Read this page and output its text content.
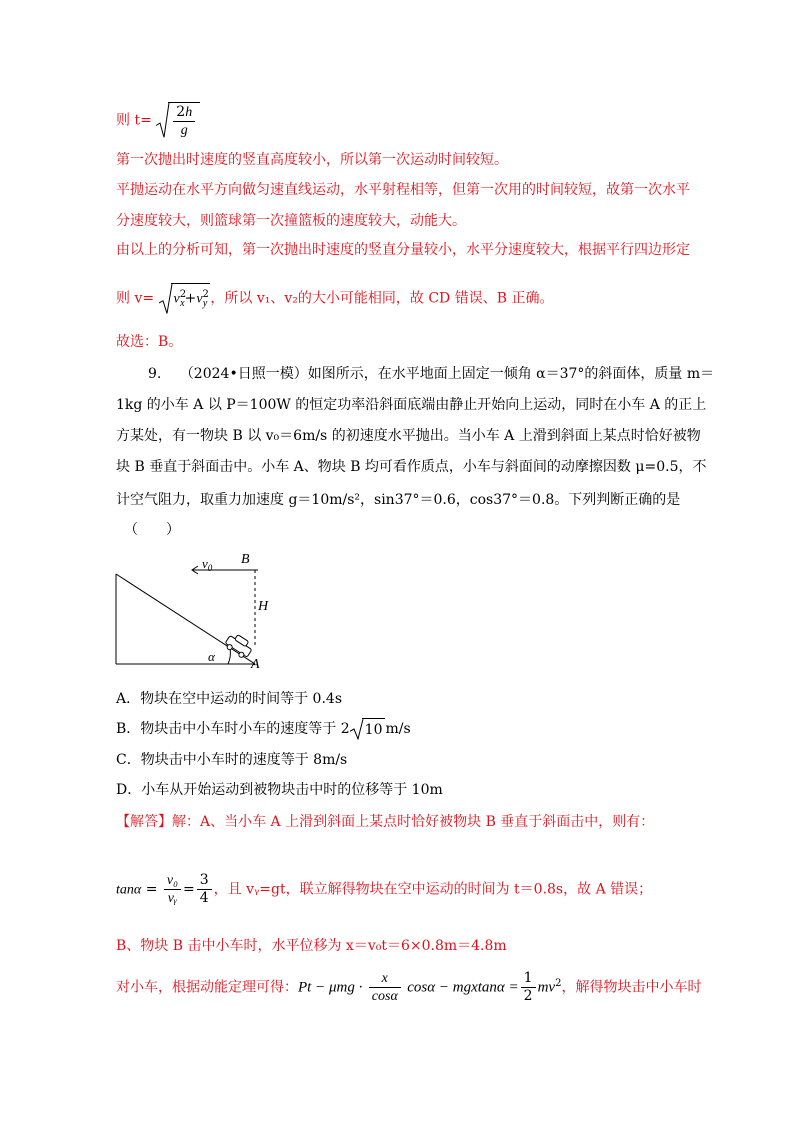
则 $t= \frac{2h}{g}$
第一次抛出时速度的竖直高度较小，所以第一次运动时间较短。
平抛运动在水平方向做匀速直线运动，水平射程相等，但第一次用的时间较短，故第一次水平
分速度较大，则篮球第一次撞篮板的速度较大，动能大。
由以上的分析可知，第一次抛出时速度的竖直分量较小，水平分速度较大，根据平行四边形定
则 $v= v^2_x+v^2_y$ ，所以 v₁、v₂的大小可能相同，故 CD 错误、B 正确。
故选：B。
9. （2024•日照一模）如图所示，在水平地面上固定一倾角 α＝37°的斜面体，质量 m＝
1kg 的小车 A 以 P＝100W 的恒定功率沿斜面底端由静止开始向上运动，同时在小车 A 的正上
方某处，有一物块 B 以 v₀＝6m/s 的初速度水平抛出。当小车 A 上滑到斜面上某点时恰好被物
块 B 垂直于斜面击中。小车 A、物块 B 均可看作质点，小车与斜面间的动摩擦因数 μ=0.5，不
计空气阻力，取重力加速度 g＝10m/s²，sin37°＝0.6，cos37°＝0.8。下列判断正确的是
（　　）
$v_0$
B
H
α
A
A．物块在空中运动的时间等于 0.4s
B．物块击中小车时小车的速度等于 2 10 m/s
C．物块击中小车时的速度等于 8m/s
D．小车从开始运动到被物块击中时的位移等于 10m
【解答】解：A、当小车 A 上滑到斜面上某点时恰好被物块 B 垂直于斜面击中，则有：
$\tan\alpha = \frac{\text{v₀}}{\text{vᵧ}} = \frac{3}{4}$ ，且 vᵧ=gt，联立解得物块在空中运动的时间为 t＝0.8s，故 A 错误；
B、物块 B 击中小车时，水平位移为 x＝v₀t＝6×0.8m＝4.8m
对小车，根据动能定理可得：$Pt - \mu mg \cdot \frac{x}{\cos\alpha}$ $\cos\alpha - mgxtan\alpha = \frac{1}{2} mv^2$，解得物块击中小车时
